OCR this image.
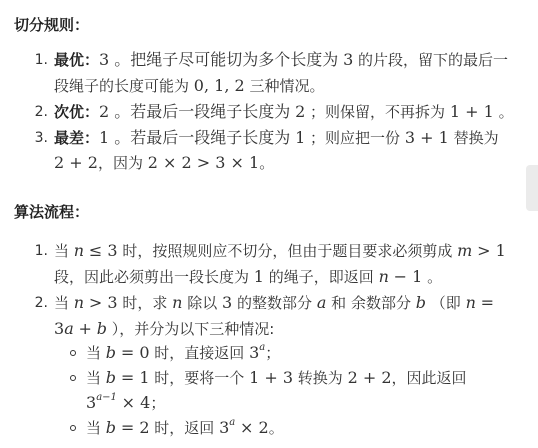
切分规则：
1. 最优：3 。把绳子尽可能切为多个长度为 3 的片段，留下的最后一
段绳子的长度可能为 0, 1, 2 三种情况。
2. 次优：2 。若最后一段绳子长度为 2 ；则保留，不再拆为 1 + 1 。
3. 最差：1 。若最后一段绳子长度为 1 ；则应把一份 3 + 1 替换为
2 + 2，因为 2 × 2 > 3 × 1。
算法流程：
1. 当 n ≤ 3 时，按照规则应不切分，但由于题目要求必须剪成 m > 1
段，因此必须剪出一段长度为 1 的绳子，即返回 n − 1 。
2. 当 n > 3 时，求 n 除以 3 的整数部分 a 和 余数部分 b （即 n =
3a + b ），并分为以下三种情况:
当 b = 0 时，直接返回 3$^a$；
当 b = 1 时，要将一个 1 + 3 转换为 2 + 2，因此返回
$3^{a-1} \times 4$；
当 b = 2 时，返回 $3^a \times 2$。
